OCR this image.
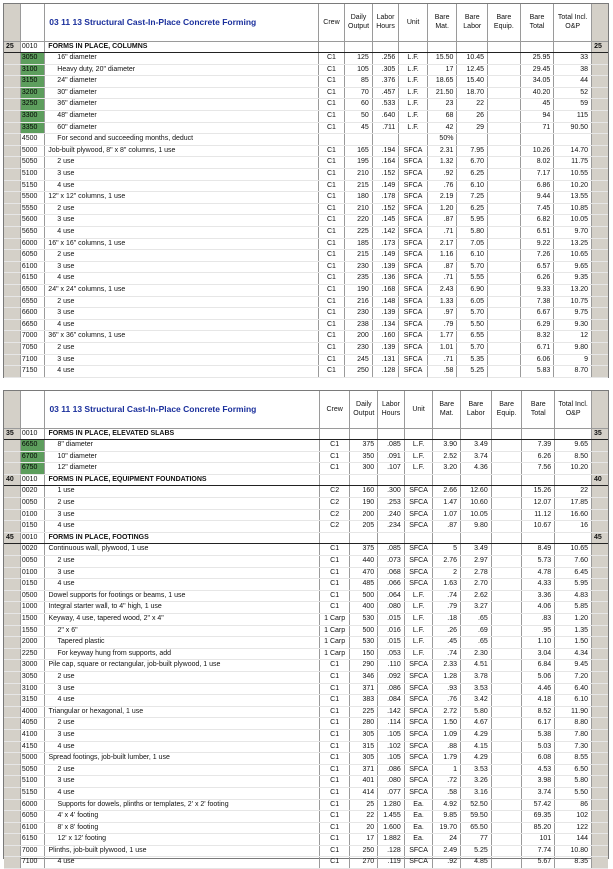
		03 11 13 Structural Cast-In-Place Concrete Forming	Crew	Daily Output	Labor Hours	Unit	Bare Mat.	Bare Labor	Bare Equip.	Bare Total	Total Incl. O&P	
25	0010	FORMS IN PLACE, COLUMNS										25
	3050	16" diameter	C1	125	.256	L.F.	15.50	10.45		25.95	33	
	3100	Heavy duty, 20" diameter	C1	105	.305	L.F.	17	12.45		29.45	38	
	3150	24" diameter	C1	85	.376	L.F.	18.65	15.40		34.05	44	
	3200	30" diameter	C1	70	.457	L.F.	21.50	18.70		40.20	52	
	3250	36" diameter	C1	60	.533	L.F.	23	22		45	59	
	3300	48" diameter	C1	50	.640	L.F.	68	26		94	115	
	3350	60" diameter	C1	45	.711	L.F.	42	29		71	90.50	
	4500	For second and succeeding months, deduct					50%					
	5000	Job-built plywood, 8" x 8" columns, 1 use	C1	165	.194	SFCA	2.31	7.95		10.26	14.70	
	5050	2 use	C1	195	.164	SFCA	1.32	6.70		8.02	11.75	
	5100	3 use	C1	210	.152	SFCA	.92	6.25		7.17	10.55	
	5150	4 use	C1	215	.149	SFCA	.76	6.10		6.86	10.20	
	5500	12" x 12" columns, 1 use	C1	180	.178	SFCA	2.19	7.25		9.44	13.55	
	5550	2 use	C1	210	.152	SFCA	1.20	6.25		7.45	10.85	
	5600	3 use	C1	220	.145	SFCA	.87	5.95		6.82	10.05	
	5650	4 use	C1	225	.142	SFCA	.71	5.80		6.51	9.70	
	6000	16" x 16" columns, 1 use	C1	185	.173	SFCA	2.17	7.05		9.22	13.25	
	6050	2 use	C1	215	.149	SFCA	1.16	6.10		7.26	10.65	
	6100	3 use	C1	230	.139	SFCA	.87	5.70		6.57	9.65	
	6150	4 use	C1	235	.136	SFCA	.71	5.55		6.26	9.35	
	6500	24" x 24" columns, 1 use	C1	190	.168	SFCA	2.43	6.90		9.33	13.20	
	6550	2 use	C1	216	.148	SFCA	1.33	6.05		7.38	10.75	
	6600	3 use	C1	230	.139	SFCA	.97	5.70		6.67	9.75	
	6650	4 use	C1	238	.134	SFCA	.79	5.50		6.29	9.30	
	7000	36" x 36" columns, 1 use	C1	200	.160	SFCA	1.77	6.55		8.32	12	
	7050	2 use	C1	230	.139	SFCA	1.01	5.70		6.71	9.80	
	7100	3 use	C1	245	.131	SFCA	.71	5.35		6.06	9	
	7150	4 use	C1	250	.128	SFCA	.58	5.25		5.83	8.70	
		03 11 13 Structural Cast-In-Place Concrete Forming	Crew	Daily Output	Labor Hours	Unit	Bare Mat.	Bare Labor	Bare Equip.	Bare Total	Total Incl. O&P	
35	0010	FORMS IN PLACE, ELEVATED SLABS										35
	6650	8" diameter	C1	375	.085	L.F.	3.90	3.49		7.39	9.65	
	6700	10" diameter	C1	350	.091	L.F.	2.52	3.74		6.26	8.50	
	6750	12" diameter	C1	300	.107	L.F.	3.20	4.36		7.56	10.20	
40	0010	FORMS IN PLACE, EQUIPMENT FOUNDATIONS										40
	0020	1 use	C2	160	.300	SFCA	2.66	12.60		15.26	22	
	0050	2 use	C2	190	.253	SFCA	1.47	10.60		12.07	17.85	
	0100	3 use	C2	200	.240	SFCA	1.07	10.05		11.12	16.60	
	0150	4 use	C2	205	.234	SFCA	.87	9.80		10.67	16	
45	0010	FORMS IN PLACE, FOOTINGS										45
	0020	Continuous wall, plywood, 1 use	C1	375	.085	SFCA	5	3.49		8.49	10.65	
	0050	2 use	C1	440	.073	SFCA	2.76	2.97		5.73	7.60	
	0100	3 use	C1	470	.068	SFCA	2	2.78		4.78	6.45	
	0150	4 use	C1	485	.066	SFCA	1.63	2.70		4.33	5.95	
	0500	Dowel supports for footings or beams, 1 use	C1	500	.064	L.F.	.74	2.62		3.36	4.83	
	1000	Integral starter wall, to 4" high, 1 use	C1	400	.080	L.F.	.79	3.27		4.06	5.85	
	1500	Keyway, 4 use, tapered wood, 2" x 4"	1 Carp	530	.015	L.F.	.18	.65		.83	1.20	
	1550	2" x 6"	1 Carp	500	.016	L.F.	.26	.69		.95	1.35	
	2000	Tapered plastic	1 Carp	530	.015	L.F.	.45	.65		1.10	1.50	
	2250	For keyway hung from supports, add	1 Carp	150	.053	L.F.	.74	2.30		3.04	4.34	
	3000	Pile cap, square or rectangular, job-built plywood, 1 use	C1	290	.110	SFCA	2.33	4.51		6.84	9.45	
	3050	2 use	C1	346	.092	SFCA	1.28	3.78		5.06	7.20	
	3100	3 use	C1	371	.086	SFCA	.93	3.53		4.46	6.40	
	3150	4 use	C1	383	.084	SFCA	.76	3.42		4.18	6.10	
	4000	Triangular or hexagonal, 1 use	C1	225	.142	SFCA	2.72	5.80		8.52	11.90	
	4050	2 use	C1	280	.114	SFCA	1.50	4.67		6.17	8.80	
	4100	3 use	C1	305	.105	SFCA	1.09	4.29		5.38	7.80	
	4150	4 use	C1	315	.102	SFCA	.88	4.15		5.03	7.30	
	5000	Spread footings, job-built lumber, 1 use	C1	305	.105	SFCA	1.79	4.29		6.08	8.55	
	5050	2 use	C1	371	.086	SFCA	1	3.53		4.53	6.50	
	5100	3 use	C1	401	.080	SFCA	.72	3.26		3.98	5.80	
	5150	4 use	C1	414	.077	SFCA	.58	3.16		3.74	5.50	
	6000	Supports for dowels, plinths or templates, 2' x 2' footing	C1	25	1.280	Ea.	4.92	52.50		57.42	86	
	6050	4' x 4' footing	C1	22	1.455	Ea.	9.85	59.50		69.35	102	
	6100	8' x 8' footing	C1	20	1.600	Ea.	19.70	65.50		85.20	122	
	6150	12' x 12' footing	C1	17	1.882	Ea.	24	77		101	144	
	7000	Plinths, job-built plywood, 1 use	C1	250	.128	SFCA	2.49	5.25		7.74	10.80	
	7100	4 use	C1	270	.119	SFCA	.92	4.85		5.67	8.35	
